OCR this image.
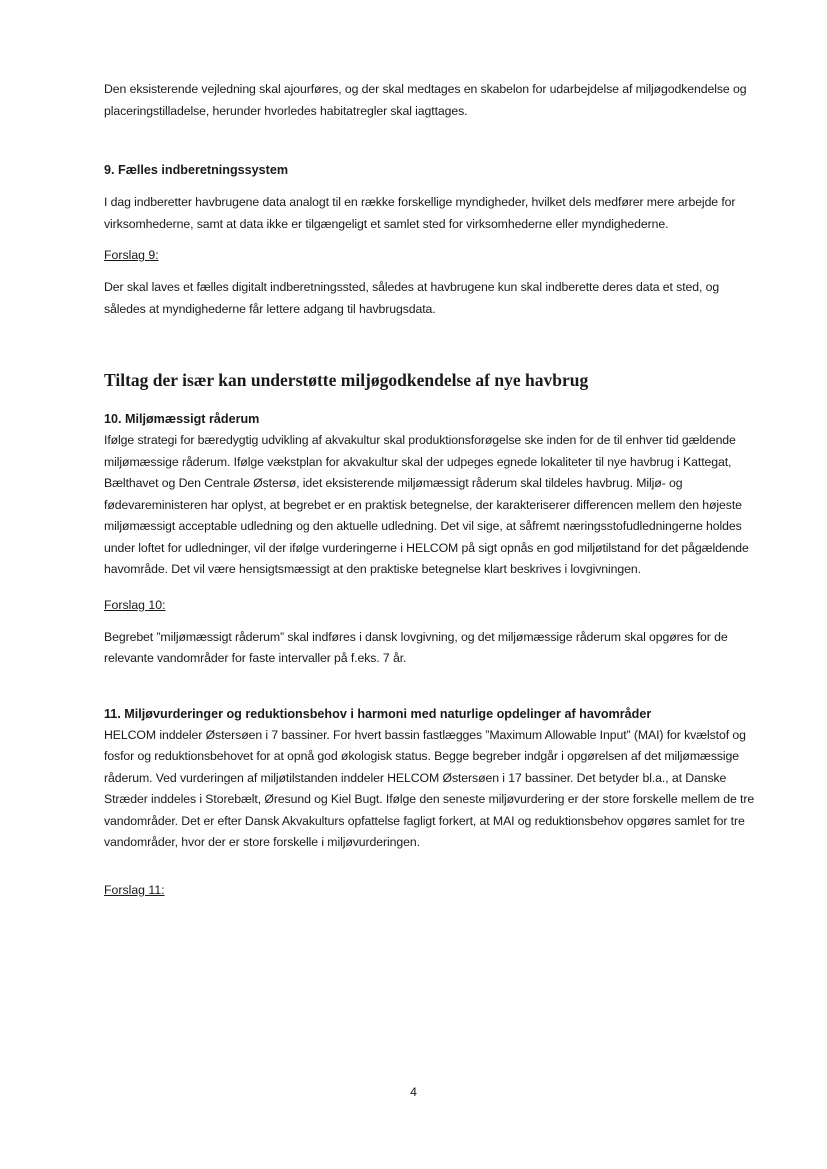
Den eksisterende vejledning skal ajourføres, og der skal medtages en skabelon for udarbejdelse af miljøgodkendelse og placeringstilladelse, herunder hvorledes habitatregler skal iagttages.

9. Fælles indberetningssystem

I dag indberetter havbrugene data analogt til en række forskellige myndigheder, hvilket dels medfører mere arbejde for virksomhederne, samt at data ikke er tilgængeligt et samlet sted for virksomhederne eller myndighederne.

Forslag 9:

Der skal laves et fælles digitalt indberetningssted, således at havbrugene kun skal indberette deres data et sted, og således at myndighederne får lettere adgang til havbrugsdata.

Tiltag der især kan understøtte miljøgodkendelse af nye havbrug

10. Miljømæssigt råderum

Ifølge strategi for bæredygtig udvikling af akvakultur skal produktionsforøgelse ske inden for de til enhver tid gældende miljømæssige råderum. Ifølge vækstplan for akvakultur skal der udpeges egnede lokaliteter til nye havbrug i Kattegat, Bælthavet og Den Centrale Østersø, idet eksisterende miljømæssigt råderum skal tildeles havbrug. Miljø- og fødevareministeren har oplyst, at begrebet er en praktisk betegnelse, der karakteriserer differencen mellem den højeste miljømæssigt acceptable udledning og den aktuelle udledning. Det vil sige, at såfremt næringsstofudledningerne holdes under loftet for udledninger, vil der ifølge vurderingerne i HELCOM på sigt opnås en god miljøtilstand for det pågældende havområde. Det vil være hensigtsmæssigt at den praktiske betegnelse klart beskrives i lovgivningen.

Forslag 10:

Begrebet ”miljømæssigt råderum” skal indføres i dansk lovgivning, og det miljømæssige råderum skal opgøres for de relevante vandområder for faste intervaller på f.eks. 7 år.

11. Miljøvurderinger og reduktionsbehov i harmoni med naturlige opdelinger af havområder

HELCOM inddeler Østersøen i 7 bassiner. For hvert bassin fastlægges ”Maximum Allowable Input” (MAI) for kvælstof og fosfor og reduktionsbehovet for at opnå god økologisk status. Begge begreber indgår i opgørelsen af det miljømæssige råderum. Ved vurderingen af miljøtilstanden inddeler HELCOM Østersøen i 17 bassiner. Det betyder bl.a., at Danske Stræder inddeles i Storebælt, Øresund og Kiel Bugt. Ifølge den seneste miljøvurdering er der store forskelle mellem de tre vandområder. Det er efter Dansk Akvakulturs opfattelse fagligt forkert, at MAI og reduktionsbehov opgøres samlet for tre vandområder, hvor der er store forskelle i miljøvurderingen.

Forslag 11:

4
